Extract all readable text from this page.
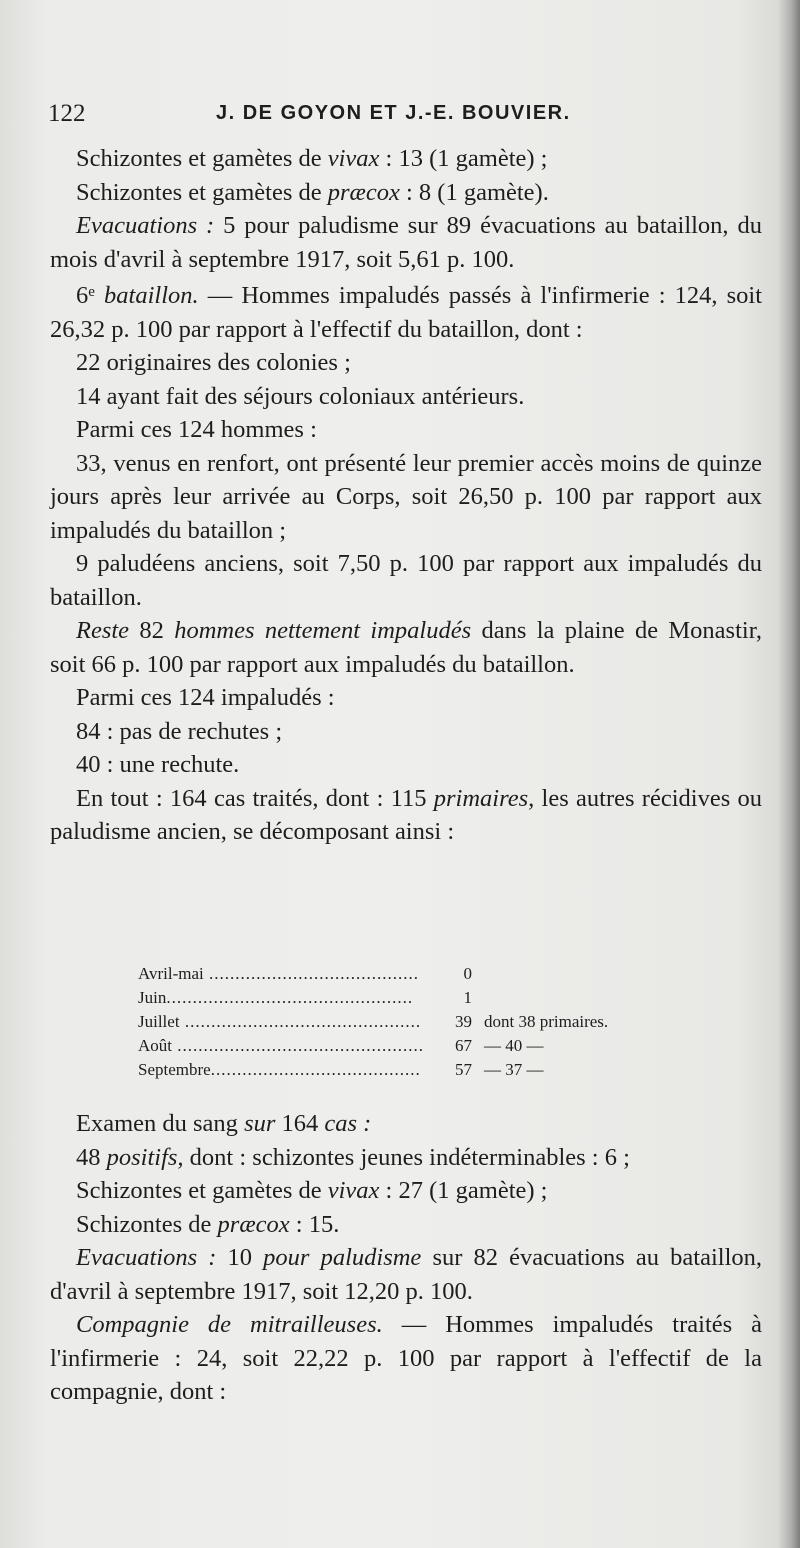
122	J. DE GOYON ET J.-E. BOUVIER.

Schizontes et gamètes de vivax : 13 (1 gamète) ;

Schizontes et gamètes de præcox : 8 (1 gamète).

Evacuations : 5 pour paludisme sur 89 évacuations au bataillon, du mois d'avril à septembre 1917, soit 5,61 p. 100.

6e bataillon. — Hommes impaludés passés à l'infirmerie : 124, soit 26,32 p. 100 par rapport à l'effectif du bataillon, dont :

22 originaires des colonies ;

14 ayant fait des séjours coloniaux antérieurs.

Parmi ces 124 hommes :

33, venus en renfort, ont présenté leur premier accès moins de quinze jours après leur arrivée au Corps, soit 26,50 p. 100 par rapport aux impaludés du bataillon ;

9 paludéens anciens, soit 7,50 p. 100 par rapport aux impaludés du bataillon.

Reste 82 hommes nettement impaludés dans la plaine de Monastir, soit 66 p. 100 par rapport aux impaludés du bataillon.

Parmi ces 124 impaludés :

84 : pas de rechutes ;

40 : une rechute.

En tout : 164 cas traités, dont : 115 primaires, les autres récidives ou paludisme ancien, se décomposant ainsi :

Avril-mai ........................................	0
Juin...............................................	1
Juillet .............................................	39 dont 38 primaires.
Août ...............................................	67 — 40 —
Septembre........................................	57 — 37 —

Examen du sang sur 164 cas :

48 positifs, dont : schizontes jeunes indéterminables : 6 ;

Schizontes et gamètes de vivax : 27 (1 gamète) ;

Schizontes de præcox : 15.

Evacuations : 10 pour paludisme sur 82 évacuations au bataillon, d'avril à septembre 1917, soit 12,20 p. 100.

Compagnie de mitrailleuses. — Hommes impaludés traités à l'infirmerie : 24, soit 22,22 p. 100 par rapport à l'effectif de la compagnie, dont :
